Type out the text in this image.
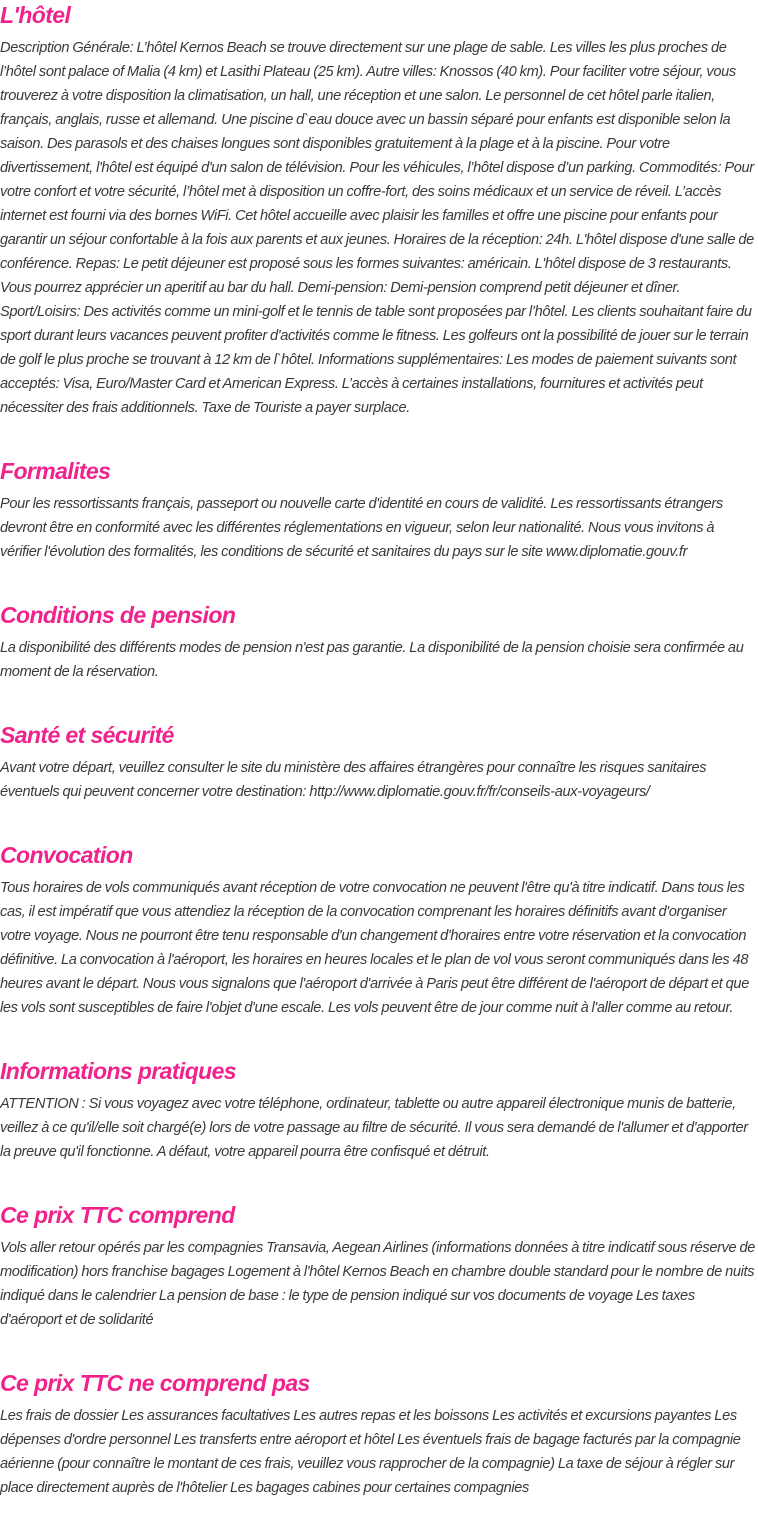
L'hôtel

Description Générale: L’hôtel Kernos Beach se trouve directement sur une plage de sable. Les villes les plus proches de l’hôtel sont palace of Malia (4 km) et Lasithi Plateau (25 km). Autre villes: Knossos (40 km). Pour faciliter votre séjour, vous trouverez à votre disposition la climatisation, un hall, une réception et une salon. Le personnel de cet hôtel parle italien, français, anglais, russe et allemand. Une piscine d`eau douce avec un bassin séparé pour enfants est disponible selon la saison. Des parasols et des chaises longues sont disponibles gratuitement à la plage et à la piscine. Pour votre divertissement, l'hôtel est équipé d'un salon de télévision. Pour les véhicules, l’hôtel dispose d’un parking. Commodités: Pour votre confort et votre sécurité, l’hôtel met à disposition un coffre-fort, des soins médicaux et un service de réveil. L’accès internet est fourni via des bornes WiFi. Cet hôtel accueille avec plaisir les familles et offre une piscine pour enfants pour garantir un séjour confortable à la fois aux parents et aux jeunes. Horaires de la réception: 24h. L'hôtel dispose d'une salle de conférence. Repas: Le petit déjeuner est proposé sous les formes suivantes: américain. L'hôtel dispose de 3 restaurants. Vous pourrez apprécier un aperitif au bar du hall. Demi-pension: Demi-pension comprend petit déjeuner et dîner. Sport/Loisirs: Des activités comme un mini-golf et le tennis de table sont proposées par l’hôtel. Les clients souhaitant faire du sport durant leurs vacances peuvent profiter d'activités comme le fitness. Les golfeurs ont la possibilité de jouer sur le terrain de golf le plus proche se trouvant à 12 km de l`hôtel. Informations supplémentaires: Les modes de paiement suivants sont acceptés: Visa, Euro/Master Card et American Express. L’accès à certaines installations, fournitures et activités peut nécessiter des frais additionnels. Taxe de Touriste a payer surplace.

Formalites

Pour les ressortissants français, passeport ou nouvelle carte d'identité en cours de validité. Les ressortissants étrangers devront être en conformité avec les différentes réglementations en vigueur, selon leur nationalité. Nous vous invitons à vérifier l'évolution des formalités, les conditions de sécurité et sanitaires du pays sur le site www.diplomatie.gouv.fr

Conditions de pension

La disponibilité des différents modes de pension n'est pas garantie. La disponibilité de la pension choisie sera confirmée au moment de la réservation.

Santé et sécurité

Avant votre départ, veuillez consulter le site du ministère des affaires étrangères pour connaître les risques sanitaires éventuels qui peuvent concerner votre destination: http://www.diplomatie.gouv.fr/fr/conseils-aux-voyageurs/

Convocation

Tous horaires de vols communiqués avant réception de votre convocation ne peuvent l'être qu'à titre indicatif. Dans tous les cas, il est impératif que vous attendiez la réception de la convocation comprenant les horaires définitifs avant d'organiser votre voyage. Nous ne pourront être tenu responsable d'un changement d'horaires entre votre réservation et la convocation définitive. La convocation à l'aéroport, les horaires en heures locales et le plan de vol vous seront communiqués dans les 48 heures avant le départ. Nous vous signalons que l'aéroport d'arrivée à Paris peut être différent de l'aéroport de départ et que les vols sont susceptibles de faire l'objet d'une escale. Les vols peuvent être de jour comme nuit à l'aller comme au retour.

Informations pratiques

ATTENTION : Si vous voyagez avec votre téléphone, ordinateur, tablette ou autre appareil électronique munis de batterie, veillez à ce qu'il/elle soit chargé(e) lors de votre passage au filtre de sécurité. Il vous sera demandé de l'allumer et d'apporter la preuve qu'il fonctionne. A défaut, votre appareil pourra être confisqué et détruit.

Ce prix TTC comprend

Vols aller retour opérés par les compagnies Transavia, Aegean Airlines (informations données à titre indicatif sous réserve de modification) hors franchise bagages Logement à l'hôtel Kernos Beach en chambre double standard pour le nombre de nuits indiqué dans le calendrier La pension de base : le type de pension indiqué sur vos documents de voyage Les taxes d'aéroport et de solidarité

Ce prix TTC ne comprend pas

Les frais de dossier Les assurances facultatives Les autres repas et les boissons Les activités et excursions payantes Les dépenses d'ordre personnel Les transferts entre aéroport et hôtel Les éventuels frais de bagage facturés par la compagnie aérienne (pour connaître le montant de ces frais, veuillez vous rapprocher de la compagnie) La taxe de séjour à régler sur place directement auprès de l'hôtelier Les bagages cabines pour certaines compagnies
